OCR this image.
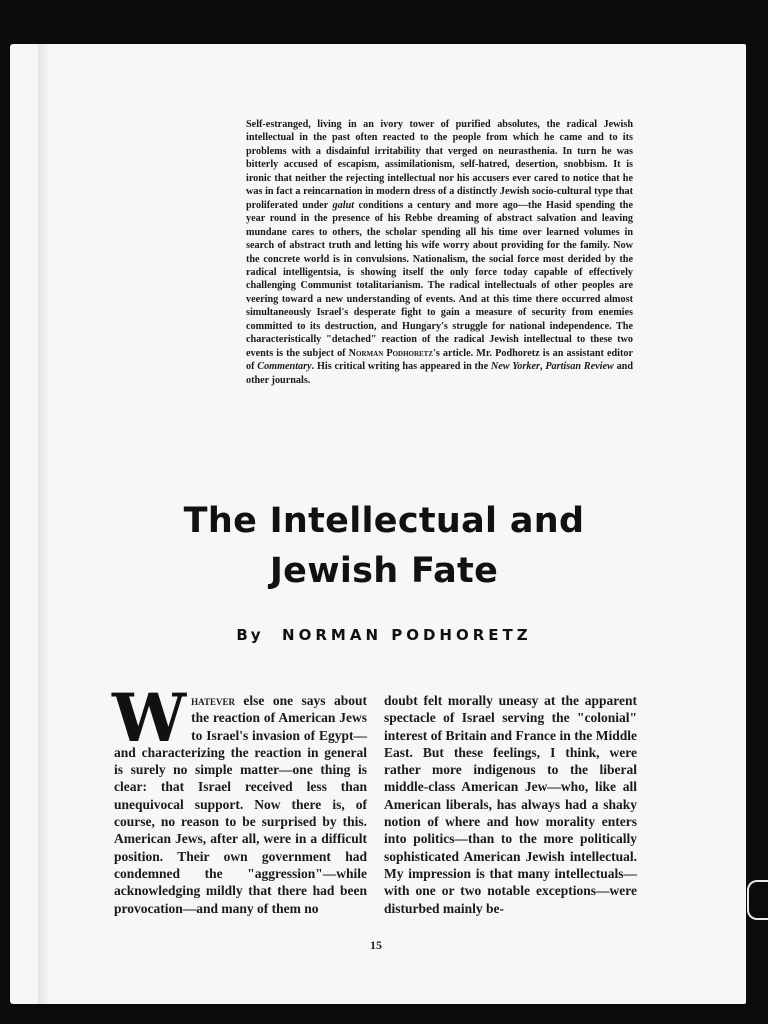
Self-estranged, living in an ivory tower of purified absolutes, the radical Jewish intellectual in the past often reacted to the people from which he came and to its problems with a disdainful irritability that verged on neurasthenia. In turn he was bitterly accused of escapism, assimilationism, self-hatred, desertion, snobbism. It is ironic that neither the rejecting intellectual nor his accusers ever cared to notice that he was in fact a reincarnation in modern dress of a distinctly Jewish socio-cultural type that proliferated under galut conditions a century and more ago—the Hasid spending the year round in the presence of his Rebbe dreaming of abstract salvation and leaving mundane cares to others, the scholar spending all his time over learned volumes in search of abstract truth and letting his wife worry about providing for the family. Now the concrete world is in convulsions. Nationalism, the social force most derided by the radical intelligentsia, is showing itself the only force today capable of effectively challenging Communist totalitarianism. The radical intellectuals of other peoples are veering toward a new understanding of events. And at this time there occurred almost simultaneously Israel's desperate fight to gain a measure of security from enemies committed to its destruction, and Hungary's struggle for national independence. The characteristically "detached" reaction of the radical Jewish intellectual to these two events is the subject of Norman Podhoretz's article. Mr. Podhoretz is an assistant editor of Commentary. His critical writing has appeared in the New Yorker, Partisan Review and other journals.

The Intellectual and
Jewish Fate

By NORMAN PODHORETZ

Whatever else one says about the reaction of American Jews to Israel's invasion of Egypt—and characterizing the reaction in general is surely no simple matter—one thing is clear: that Israel received less than unequivocal support. Now there is, of course, no reason to be surprised by this. American Jews, after all, were in a difficult position. Their own government had condemned the "aggression"—while acknowledging mildly that there had been provocation—and many of them no

doubt felt morally uneasy at the apparent spectacle of Israel serving the "colonial" interest of Britain and France in the Middle East. But these feelings, I think, were rather more indigenous to the liberal middle-class American Jew—who, like all American liberals, has always had a shaky notion of where and how morality enters into politics—than to the more politically sophisticated American Jewish intellectual. My impression is that many intellectuals—with one or two notable exceptions—were disturbed mainly be-

15
